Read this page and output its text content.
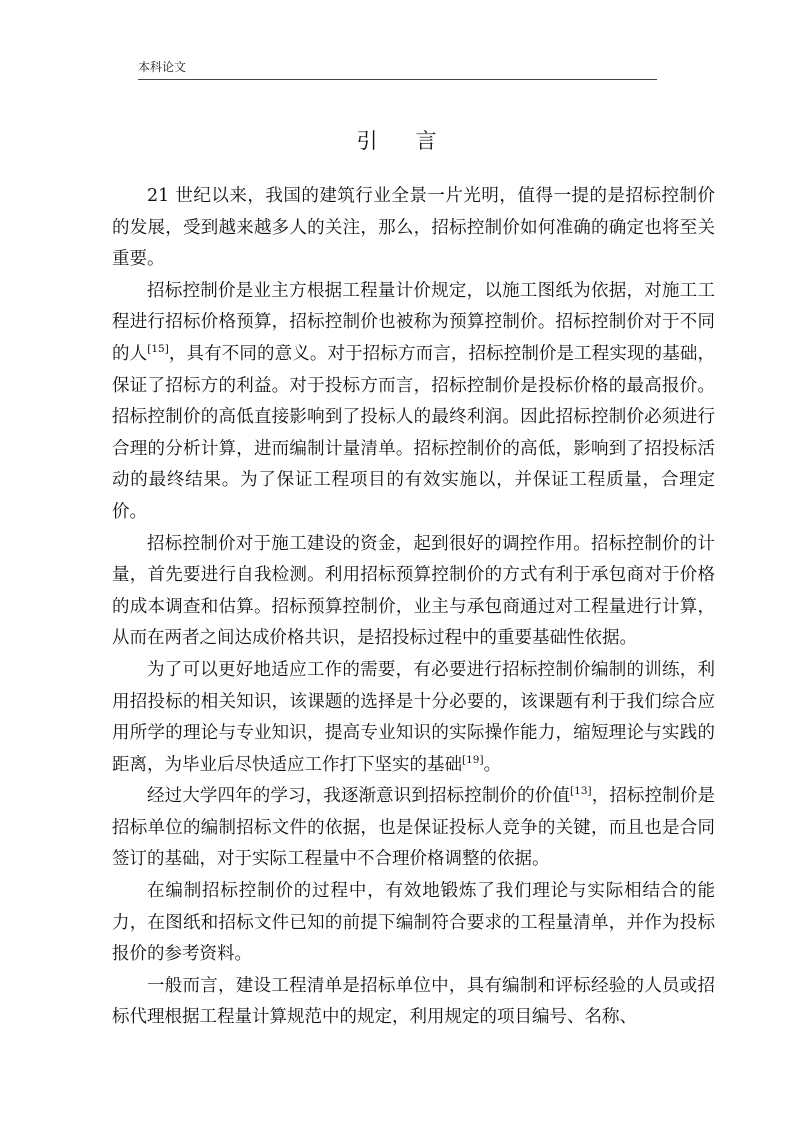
本科论文
引言

21 世纪以来，我国的建筑行业全景一片光明，值得一提的是招标控制价的发展，受到越来越多人的关注，那么，招标控制价如何准确的确定也将至关重要。

招标控制价是业主方根据工程量计价规定，以施工图纸为依据，对施工工程进行招标价格预算，招标控制价也被称为预算控制价。招标控制价对于不同的人[15]，具有不同的意义。对于招标方而言，招标控制价是工程实现的基础，保证了招标方的利益。对于投标方而言，招标控制价是投标价格的最高报价。招标控制价的高低直接影响到了投标人的最终利润。因此招标控制价必须进行合理的分析计算，进而编制计量清单。招标控制价的高低，影响到了招投标活动的最终结果。为了保证工程项目的有效实施以，并保证工程质量，合理定价。

招标控制价对于施工建设的资金，起到很好的调控作用。招标控制价的计量，首先要进行自我检测。利用招标预算控制价的方式有利于承包商对于价格的成本调查和估算。招标预算控制价，业主与承包商通过对工程量进行计算，从而在两者之间达成价格共识，是招投标过程中的重要基础性依据。

为了可以更好地适应工作的需要，有必要进行招标控制价编制的训练，利用招投标的相关知识，该课题的选择是十分必要的，该课题有利于我们综合应用所学的理论与专业知识，提高专业知识的实际操作能力，缩短理论与实践的距离，为毕业后尽快适应工作打下坚实的基础[19]。

经过大学四年的学习，我逐渐意识到招标控制价的价值[13]，招标控制价是招标单位的编制招标文件的依据，也是保证投标人竞争的关键，而且也是合同签订的基础，对于实际工程量中不合理价格调整的依据。

在编制招标控制价的过程中，有效地锻炼了我们理论与实际相结合的能力，在图纸和招标文件已知的前提下编制符合要求的工程量清单，并作为投标报价的参考资料。

一般而言，建设工程清单是招标单位中，具有编制和评标经验的人员或招标代理根据工程量计算规范中的规定，利用规定的项目编号、名称、
